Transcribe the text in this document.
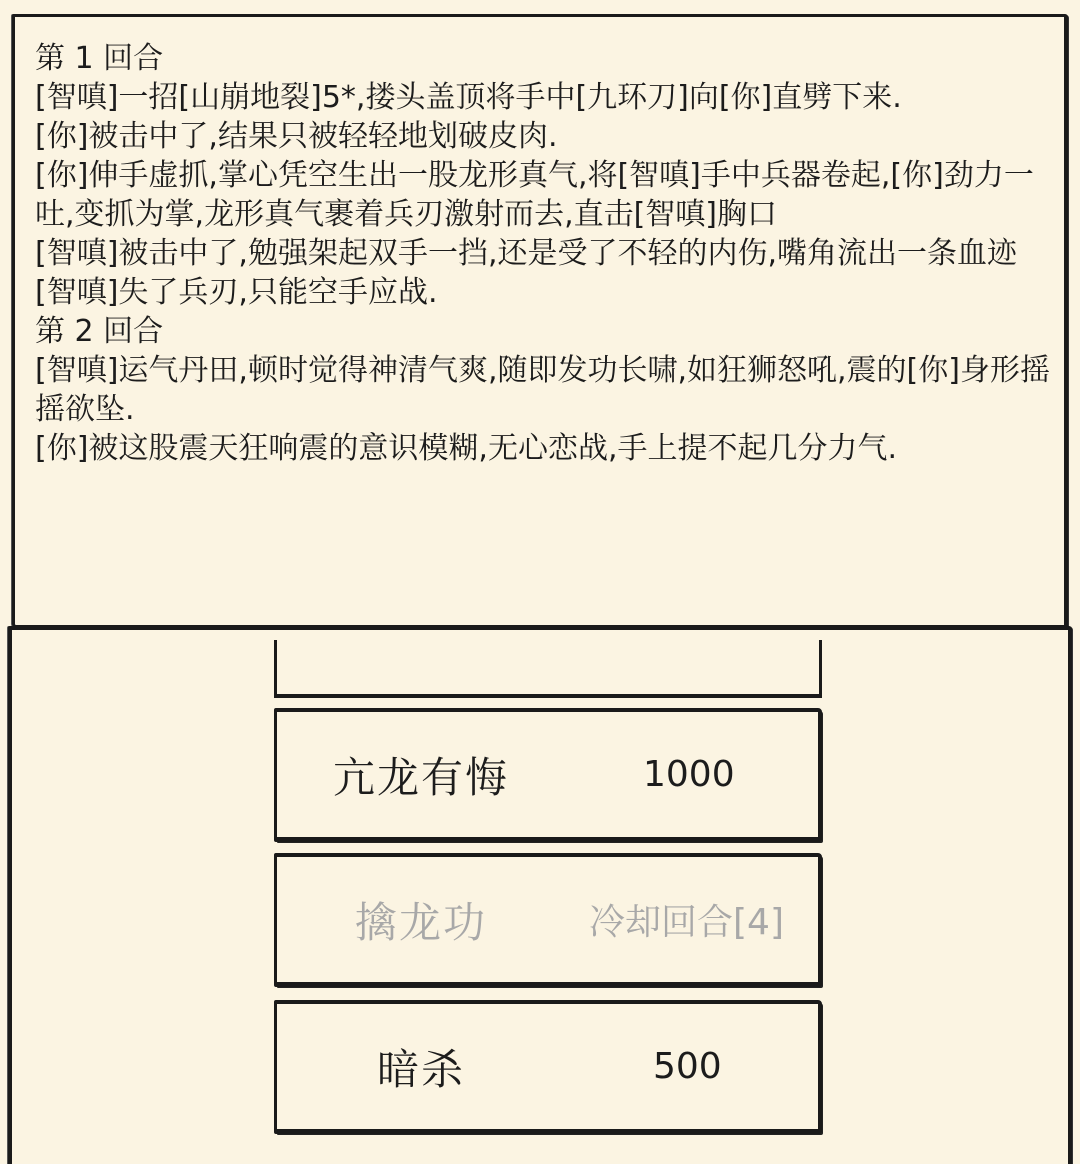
第 1 回合
[智嗔]一招[山崩地裂]5*,搂头盖顶将手中[九环刀]向[你]直劈下来.
[你]被击中了,结果只被轻轻地划破皮肉.
[你]伸手虚抓,掌心凭空生出一股龙形真气,将[智嗔]手中兵器卷起,[你]劲力一吐,变抓为掌,龙形真气裹着兵刃激射而去,直击[智嗔]胸口
[智嗔]被击中了,勉强架起双手一挡,还是受了不轻的内伤,嘴角流出一条血迹
[智嗔]失了兵刃,只能空手应战.
第 2 回合
[智嗔]运气丹田,顿时觉得神清气爽,随即发功长啸,如狂狮怒吼,震的[你]身形摇摇欲坠.
[你]被这股震天狂响震的意识模糊,无心恋战,手上提不起几分力气.
亢龙有悔	1000
擒龙功	冷却回合[4]
暗杀	500
